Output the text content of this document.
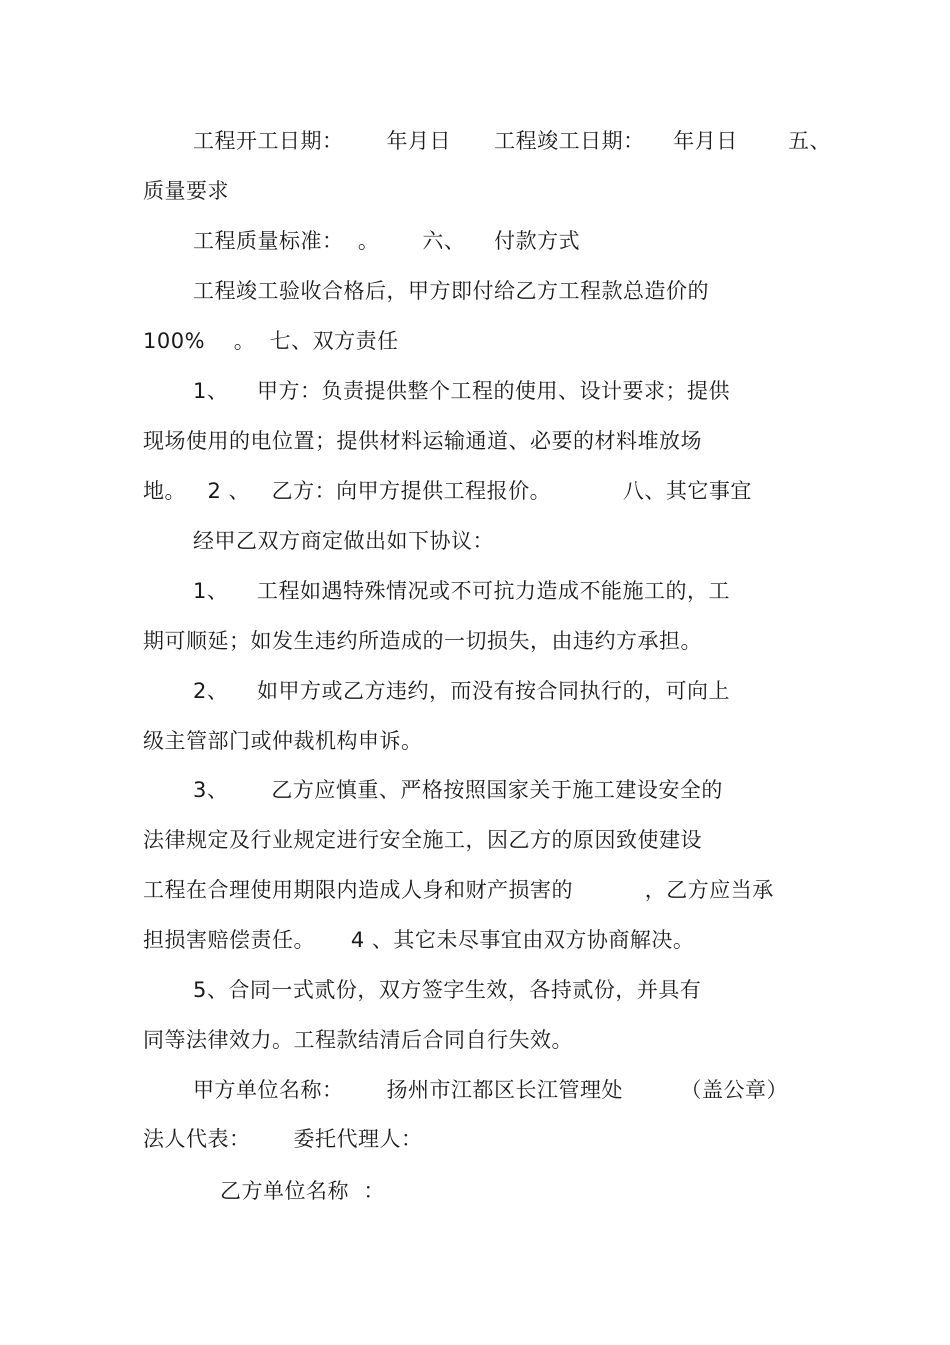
工程开工日期：      年月日      工程竣工日期：    年月日       五、
质量要求
工程质量标准：  。      六、    付款方式
工程竣工验收合格后，甲方即付给乙方工程款总造价的
100%    。  七、双方责任
1、    甲方：负责提供整个工程的使用、设计要求；提供
现场使用的电位置；提供材料运输通道、必要的材料堆放场
地。   2 、   乙方：向甲方提供工程报价。          八、其它事宜
经甲乙双方商定做出如下协议：
1、    工程如遇特殊情况或不可抗力造成不能施工的，工
期可顺延；如发生违约所造成的一切损失，由违约方承担。
2、    如甲方或乙方违约，而没有按合同执行的，可向上
级主管部门或仲裁机构申诉。
3、      乙方应慎重、严格按照国家关于施工建设安全的
法律规定及行业规定进行安全施工，因乙方的原因致使建设
工程在合理使用期限内造成人身和财产损害的          ，乙方应当承
担损害赔偿责任。     4 、其它未尽事宜由双方协商解决。
5、合同一式贰份，双方签字生效，各持贰份，并具有
同等法律效力。工程款结清后合同自行失效。
甲方单位名称：      扬州市江都区长江管理处        （盖公章）
法人代表：      委托代理人：
乙方单位名称  ：
